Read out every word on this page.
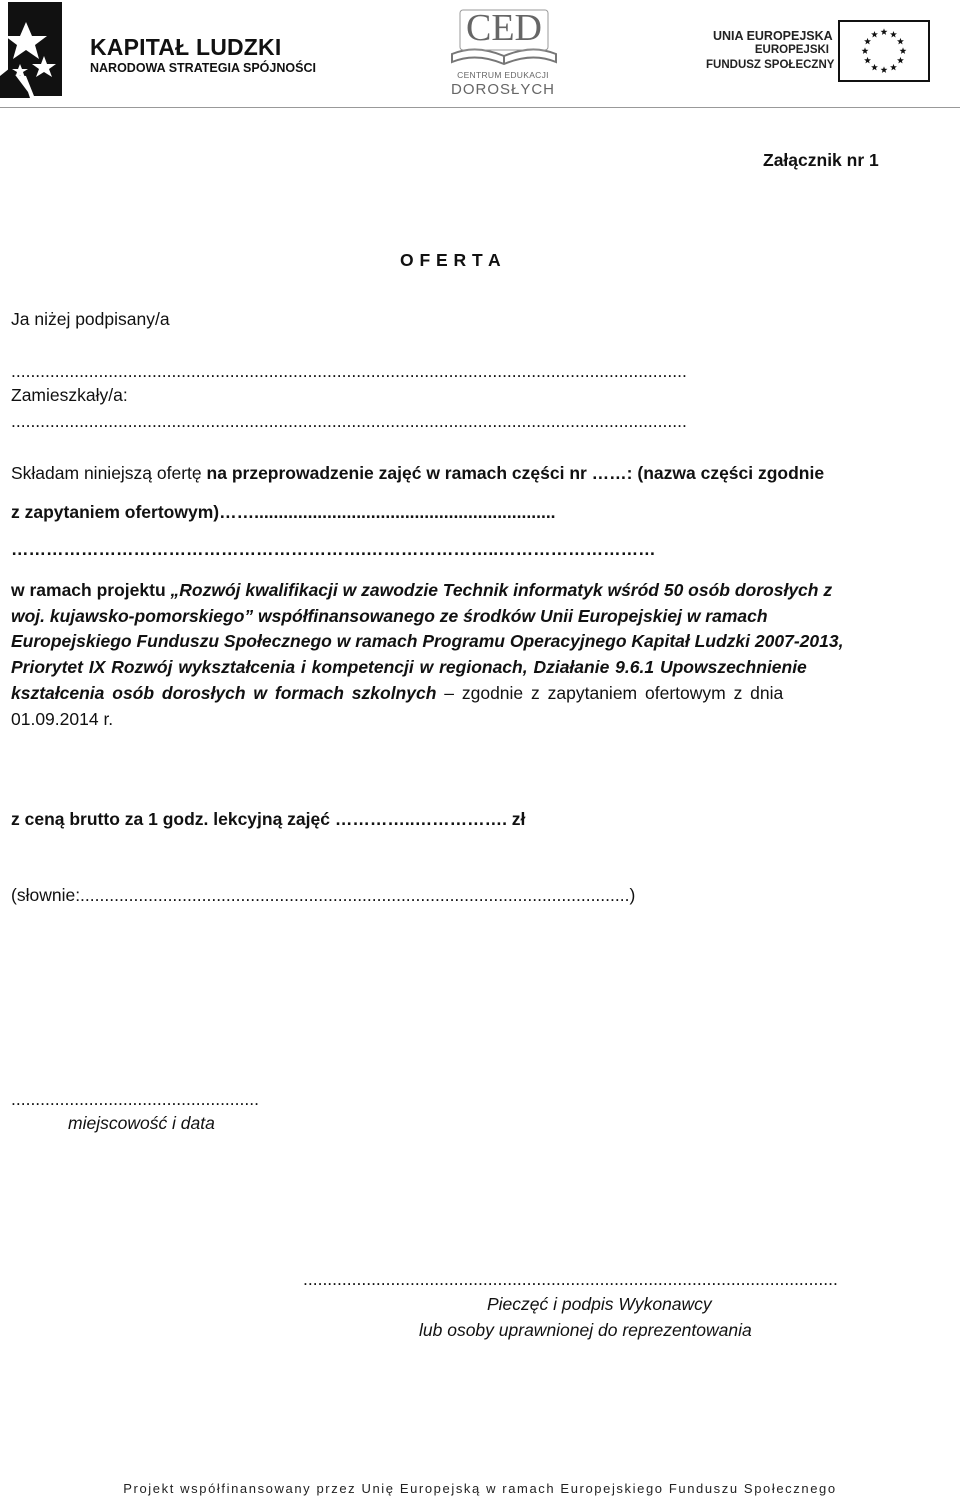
KAPITAŁ LUDZKI
NARODOWA STRATEGIA SPÓJNOŚCI
CED
CENTRUM EDUKACJI
DOROSŁYCH
UNIA EUROPEJSKA
EUROPEJSKI
FUNDUSZ SPOŁECZNY
Załącznik nr 1
O F E R T A
Ja niżej podpisany/a
...........................................................................................................................................
Zamieszkały/a:
...........................................................................................................................................
Składam niniejszą ofertę na przeprowadzenie zajęć w ramach części nr ……: (nazwa części zgodnie
z zapytaniem ofertowym)……..............................................................
…………………………………………………….…………………..………………………
w ramach projektu „Rozwój kwalifikacji w zawodzie Technik informatyk wśród 50 osób dorosłych z
woj. kujawsko-pomorskiego” współfinansowanego ze środków Unii Europejskiej w ramach
Europejskiego Funduszu Społecznego w ramach Programu Operacyjnego Kapitał Ludzki 2007-2013,
Priorytet IX Rozwój wykształcenia i kompetencji w regionach, Działanie 9.6.1 Upowszechnienie
kształcenia osób dorosłych w formach szkolnych – zgodnie z zapytaniem ofertowym z dnia
01.09.2014 r.
z ceną brutto za 1 godz. lekcyjną zajęć …………..……………. zł
(słownie:.................................................................................................................)
...................................................
miejscowość i data
..............................................................................................................
Pieczęć i podpis Wykonawcy
lub osoby uprawnionej do reprezentowania
Projekt współfinansowany przez Unię Europejską w ramach Europejskiego Funduszu Społecznego
